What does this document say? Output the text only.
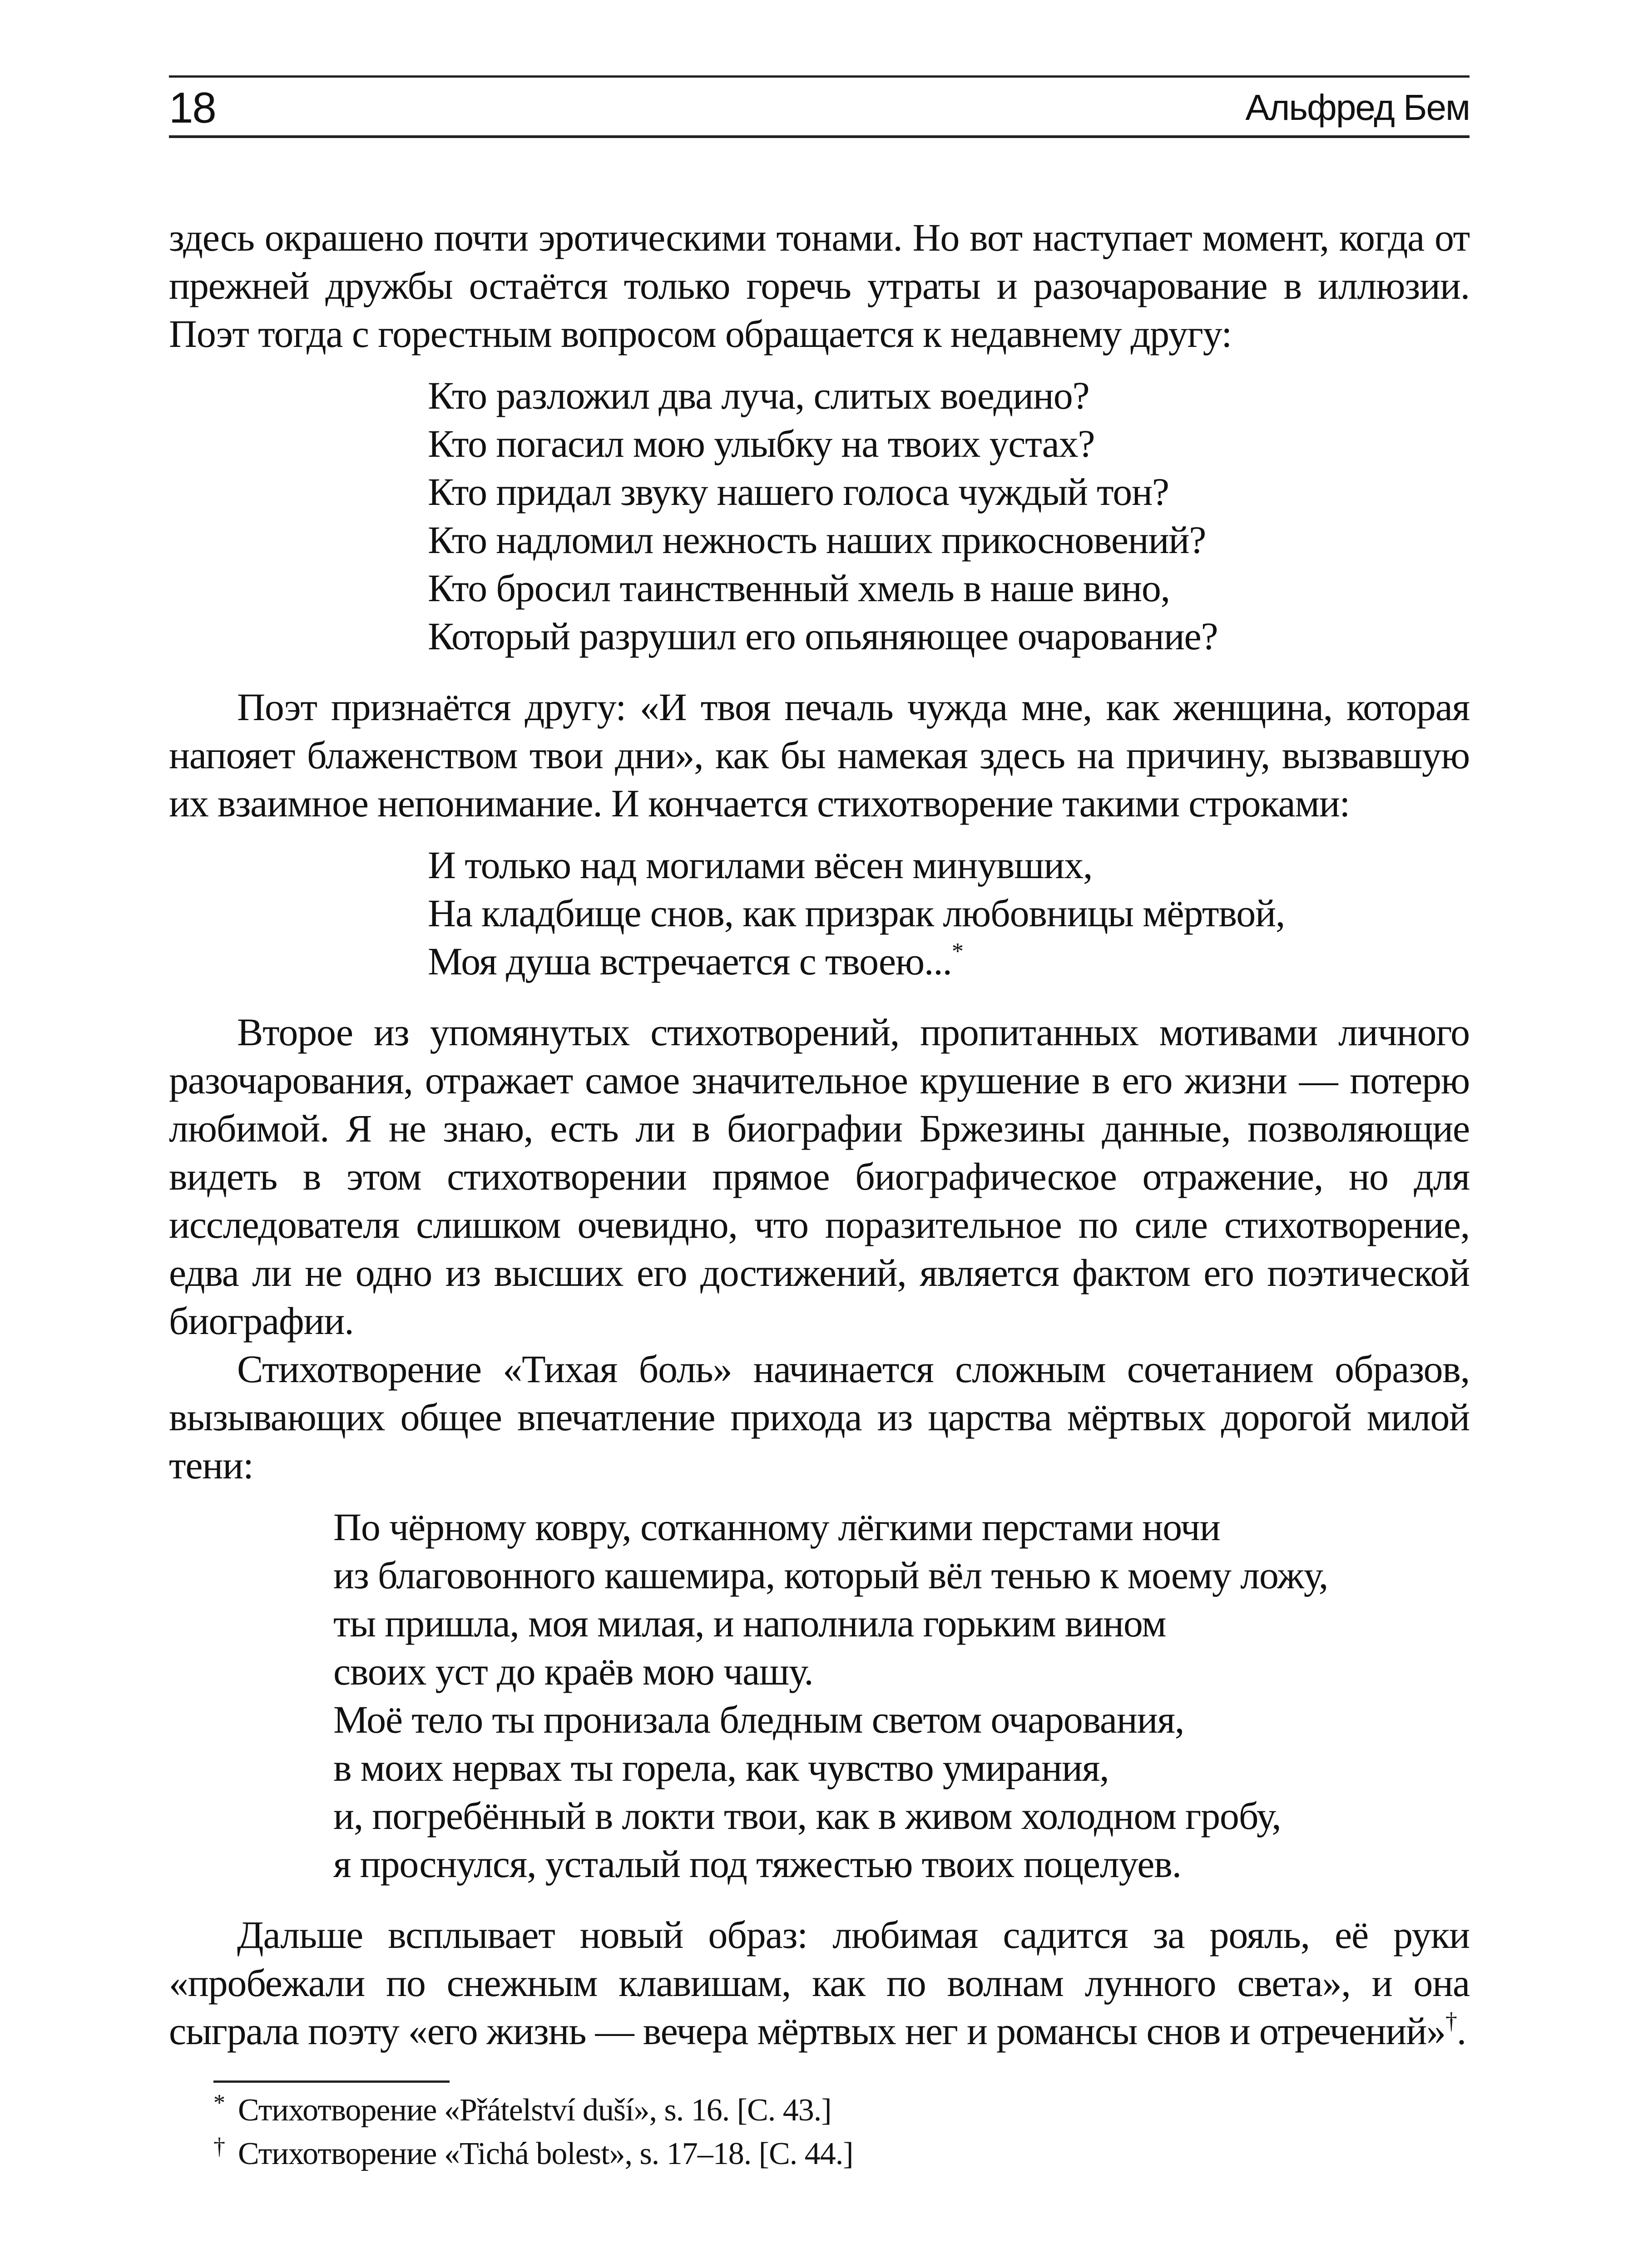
18	Альфред Бем

здесь окрашено почти эротическими тонами. Но вот наступает момент, когда от прежней дружбы остаётся только горечь утраты и разочарование в иллюзии. Поэт тогда с горестным вопросом обращается к недавнему другу:

Кто разложил два луча, слитых воедино?
Кто погасил мою улыбку на твоих устах?
Кто придал звуку нашего голоса чуждый тон?
Кто надломил нежность наших прикосновений?
Кто бросил таинственный хмель в наше вино,
Который разрушил его опьяняющее очарование?

Поэт признаётся другу: «И твоя печаль чужда мне, как женщина, которая напояет блаженством твои дни», как бы намекая здесь на причину, вызвавшую их взаимное непонимание. И кончается стихотворение такими строками:

И только над могилами вёсен минувших,
На кладбище снов, как призрак любовницы мёртвой,
Моя душа встречается с твоею...*

Второе из упомянутых стихотворений, пропитанных мотивами личного разочарования, отражает самое значительное крушение в его жизни — потерю любимой. Я не знаю, есть ли в биографии Бржезины данные, позволяющие видеть в этом стихотворении прямое биографическое отражение, но для исследователя слишком очевидно, что поразительное по силе стихотворение, едва ли не одно из высших его достижений, является фактом его поэтической биографии.

Стихотворение «Тихая боль» начинается сложным сочетанием образов, вызывающих общее впечатление прихода из царства мёртвых дорогой милой тени:

По чёрному ковру, сотканному лёгкими перстами ночи
из благовонного кашемира, который вёл тенью к моему ложу,
ты пришла, моя милая, и наполнила горьким вином
своих уст до краёв мою чашу.
Моё тело ты пронизала бледным светом очарования,
в моих нервах ты горела, как чувство умирания,
и, погребённый в локти твои, как в живом холодном гробу,
я проснулся, усталый под тяжестью твоих поцелуев.

Дальше всплывает новый образ: любимая садится за рояль, её руки «пробежали по снежным клавишам, как по волнам лунного света», и она сыграла поэту «его жизнь — вечера мёртвых нег и романсы снов и отречений»†.

* Стихотворение «Přátelství duší», s. 16. [C. 43.]

† Стихотворение «Tichá bolest», s. 17–18. [C. 44.]
